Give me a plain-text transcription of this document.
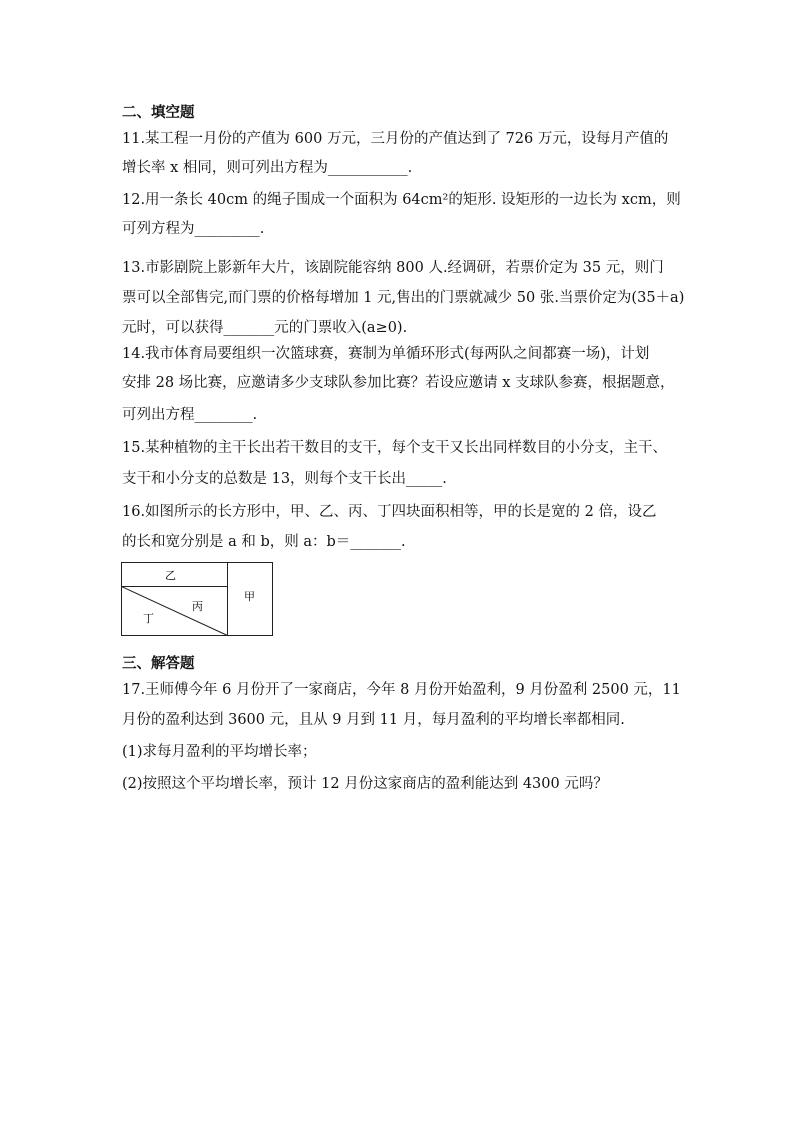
二、填空题
11.某工程一月份的产值为 600 万元，三月份的产值达到了 726 万元，设每月产值的
增长率 x 相同，则可列出方程为___________.
12.用一条长 40cm 的绳子围成一个面积为 64cm²的矩形. 设矩形的一边长为 xcm，则
可列方程为_________.
13.市影剧院上影新年大片，该剧院能容纳 800 人.经调研，若票价定为 35 元，则门
票可以全部售完,而门票的价格每增加 1 元,售出的门票就减少 50 张.当票价定为(35＋a)
元时，可以获得_______元的门票收入(a≥0).
14.我市体育局要组织一次篮球赛，赛制为单循环形式(每两队之间都赛一场)，计划
安排 28 场比赛，应邀请多少支球队参加比赛？若设应邀请 x 支球队参赛，根据题意，
可列出方程________.
15.某种植物的主干长出若干数目的支干，每个支干又长出同样数目的小分支，主干、
支干和小分支的总数是 13，则每个支干长出_____.
16.如图所示的长方形中，甲、乙、丙、丁四块面积相等，甲的长是宽的 2 倍，设乙
的长和宽分别是 a 和 b，则 a：b＝_______.
乙
甲
丙
丁
三、解答题
17.王师傅今年 6 月份开了一家商店，今年 8 月份开始盈利，9 月份盈利 2500 元，11
月份的盈利达到 3600 元，且从 9 月到 11 月，每月盈利的平均增长率都相同.
(1)求每月盈利的平均增长率；
(2)按照这个平均增长率，预计 12 月份这家商店的盈利能达到 4300 元吗？
